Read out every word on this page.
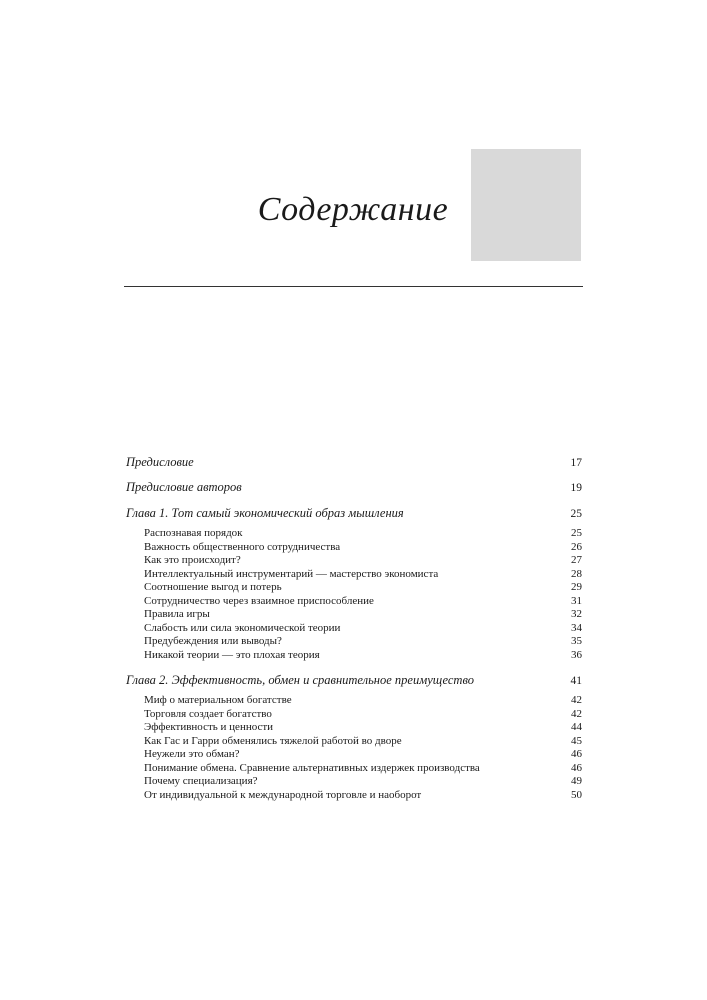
Содержание
Предисловие	17
Предисловие авторов	19
Глава 1. Тот самый экономический образ мышления	25
Распознавая порядок	25
Важность общественного сотрудничества	26
Как это происходит?	27
Интеллектуальный инструментарий — мастерство экономиста	28
Соотношение выгод и потерь	29
Сотрудничество через взаимное приспособление	31
Правила игры	32
Слабость или сила экономической теории	34
Предубеждения или выводы?	35
Никакой теории — это плохая теория	36
Глава 2. Эффективность, обмен и сравнительное преимущество	41
Миф о материальном богатстве	42
Торговля создает богатство	42
Эффективность и ценности	44
Как Гас и Гарри обменялись тяжелой работой во дворе	45
Неужели это обман?	46
Понимание обмена. Сравнение альтернативных издержек производства	46
Почему специализация?	49
От индивидуальной к международной торговле и наоборот	50
